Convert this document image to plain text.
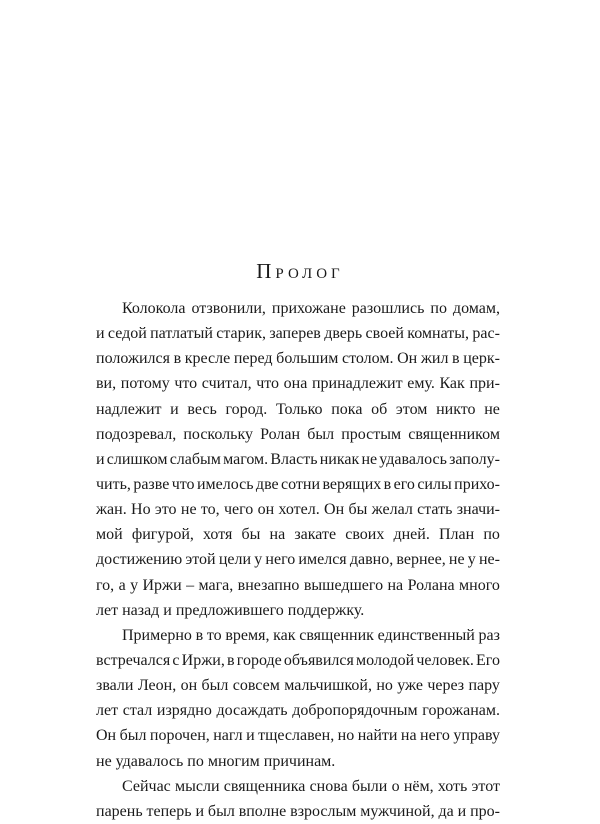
Пролог
Колокола отзвонили, прихожане разошлись по домам,
и седой патлатый старик, заперев дверь своей комнаты, рас-
положился в кресле перед большим столом. Он жил в церк-
ви, потому что считал, что она принадлежит ему. Как при-
надлежит и весь город. Только пока об этом никто не
подозревал, поскольку Ролан был простым священником
и слишком слабым магом. Власть никак не удавалось заполу-
чить, разве что имелось две сотни верящих в его силы прихо-
жан. Но это не то, чего он хотел. Он бы желал стать значи-
мой фигурой, хотя бы на закате своих дней. План по
достижению этой цели у него имелся давно, вернее, не у не-
го, а у Иржи – мага, внезапно вышедшего на Ролана много
лет назад и предложившего поддержку.
Примерно в то время, как священник единственный раз
встречался с Иржи, в городе объявился молодой человек. Его
звали Леон, он был совсем мальчишкой, но уже через пару
лет стал изрядно досаждать добропорядочным горожанам.
Он был порочен, нагл и тщеславен, но найти на него управу
не удавалось по многим причинам.
Сейчас мысли священника снова были о нём, хоть этот
парень теперь и был вполне взрослым мужчиной, да и про-
